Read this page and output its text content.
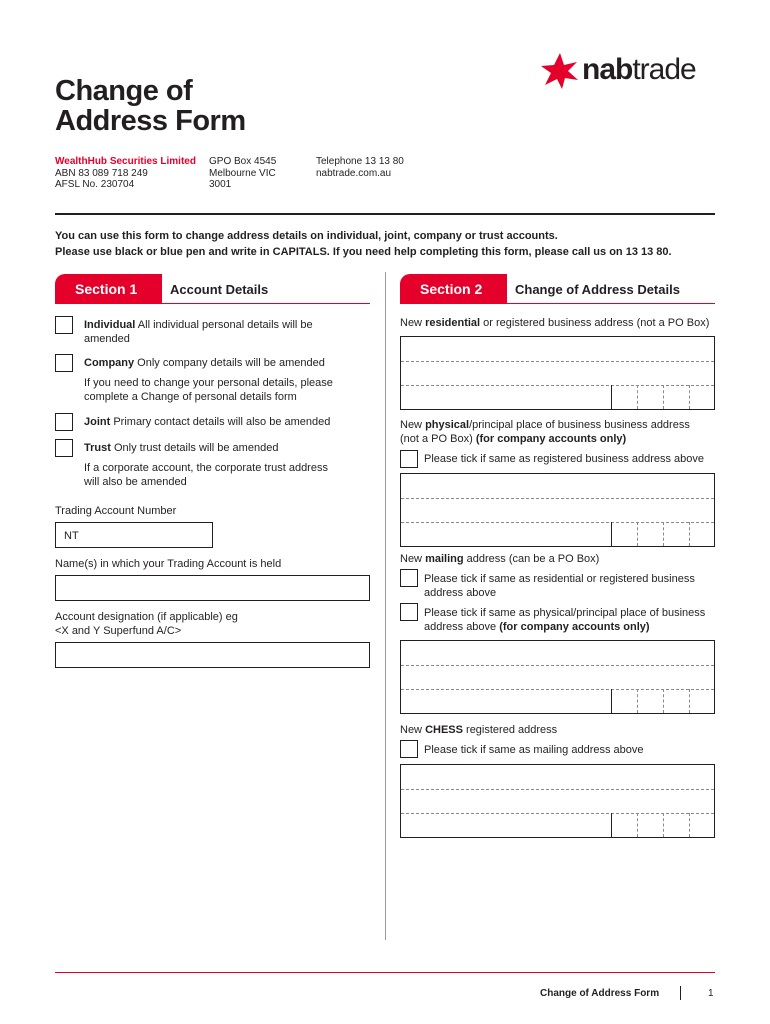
Change of
Address Form
nabtrade
WealthHub Securities Limited
ABN 83 089 718 249
AFSL No. 230704
GPO Box 4545
Melbourne VIC
3001
Telephone 13 13 80
nabtrade.com.au
You can use this form to change address details on individual, joint, company or trust accounts.
Please use black or blue pen and write in CAPITALS. If you need help completing this form, please call us on 13 13 80.
Section 1	Account Details
Individual All individual personal details will be
amended
Company Only company details will be amended
If you need to change your personal details, please
complete a Change of personal details form
Joint Primary contact details will also be amended
Trust Only trust details will be amended
If a corporate account, the corporate trust address
will also be amended
Trading Account Number
NT
Name(s) in which your Trading Account is held
Account designation (if applicable) eg
<X and Y Superfund A/C>
Section 2	Change of Address Details
New residential or registered business address (not a PO Box)
New physical/principal place of business business address
(not a PO Box) (for company accounts only)
Please tick if same as registered business address above
New mailing address (can be a PO Box)
Please tick if same as residential or registered business
address above
Please tick if same as physical/principal place of business
address above (for company accounts only)
New CHESS registered address
Please tick if same as mailing address above
Change of Address Form	1
